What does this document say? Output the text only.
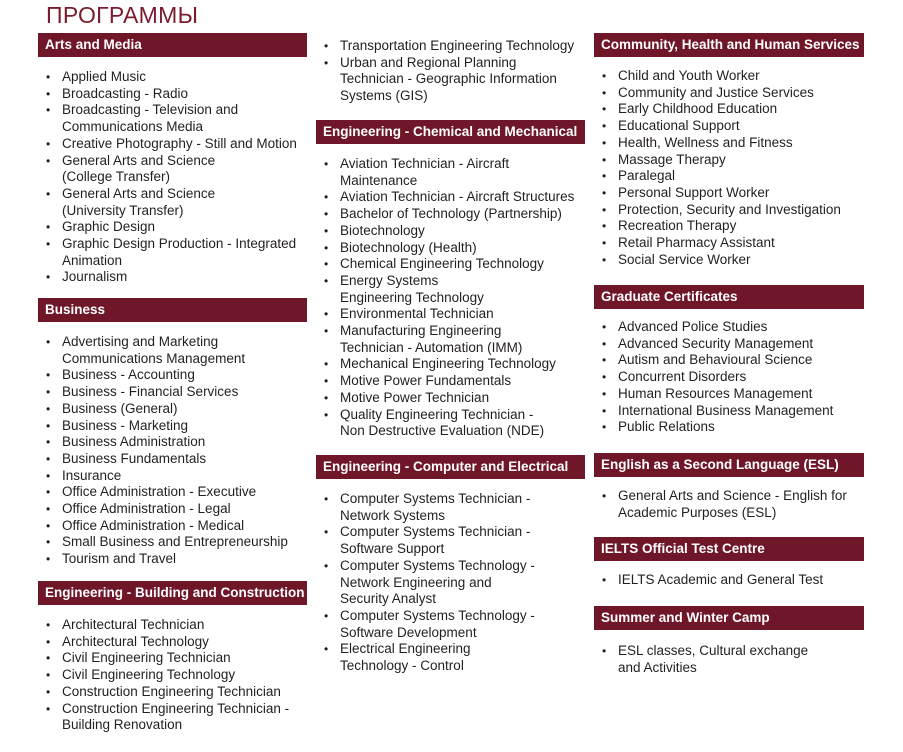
ПРОГРАММЫ
Arts and Media
• Applied Music
• Broadcasting - Radio
• Broadcasting - Television and
Communications Media
• Creative Photography - Still and Motion
• General Arts and Science
(College Transfer)
• General Arts and Science
(University Transfer)
• Graphic Design
• Graphic Design Production - Integrated
Animation
• Journalism
Business
• Advertising and Marketing
Communications Management
• Business - Accounting
• Business - Financial Services
• Business (General)
• Business - Marketing
• Business Administration
• Business Fundamentals
• Insurance
• Office Administration - Executive
• Office Administration - Legal
• Office Administration - Medical
• Small Business and Entrepreneurship
• Tourism and Travel
Engineering - Building and Construction
• Architectural Technician
• Architectural Technology
• Civil Engineering Technician
• Civil Engineering Technology
• Construction Engineering Technician
• Construction Engineering Technician -
Building Renovation
• Transportation Engineering Technology
• Urban and Regional Planning
Technician - Geographic Information
Systems (GIS)
Engineering - Chemical and Mechanical
• Aviation Technician - Aircraft
Maintenance
• Aviation Technician - Aircraft Structures
• Bachelor of Technology (Partnership)
• Biotechnology
• Biotechnology (Health)
• Chemical Engineering Technology
• Energy Systems
Engineering Technology
• Environmental Technician
• Manufacturing Engineering
Technician - Automation (IMM)
• Mechanical Engineering Technology
• Motive Power Fundamentals
• Motive Power Technician
• Quality Engineering Technician -
Non Destructive Evaluation (NDE)
Engineering - Computer and Electrical
• Computer Systems Technician -
Network Systems
• Computer Systems Technician -
Software Support
• Computer Systems Technology -
Network Engineering and
Security Analyst
• Computer Systems Technology -
Software Development
• Electrical Engineering
Technology - Control
Community, Health and Human Services
• Child and Youth Worker
• Community and Justice Services
• Early Childhood Education
• Educational Support
• Health, Wellness and Fitness
• Massage Therapy
• Paralegal
• Personal Support Worker
• Protection, Security and Investigation
• Recreation Therapy
• Retail Pharmacy Assistant
• Social Service Worker
Graduate Certificates
• Advanced Police Studies
• Advanced Security Management
• Autism and Behavioural Science
• Concurrent Disorders
• Human Resources Management
• International Business Management
• Public Relations
English as a Second Language (ESL)
• General Arts and Science - English for
Academic Purposes (ESL)
IELTS Official Test Centre
• IELTS Academic and General Test
Summer and Winter Camp
• ESL classes, Cultural exchange
and Activities
